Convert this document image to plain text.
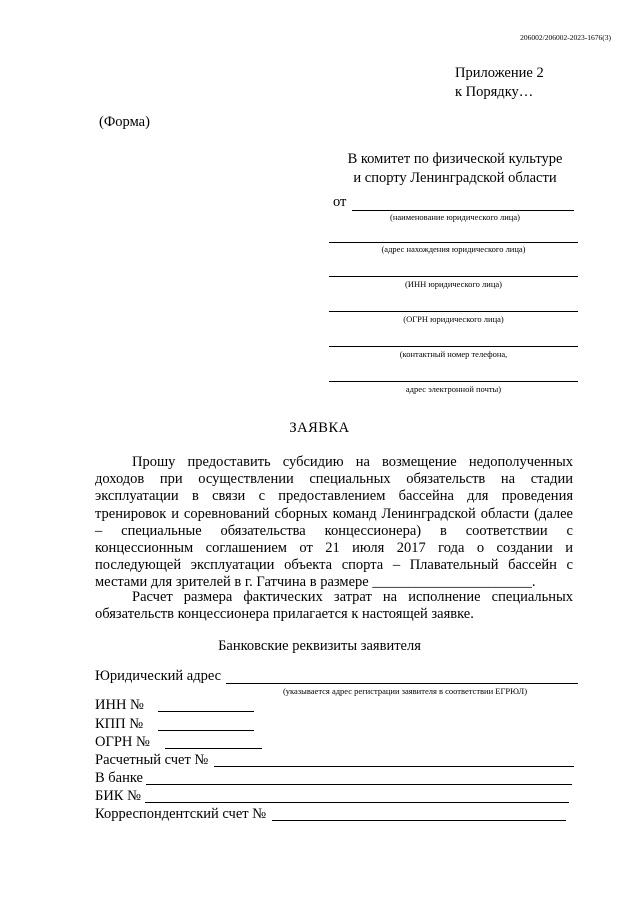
206002/206002-2023-1676(3)
Приложение 2
к Порядку…
(Форма)
В комитет по физической культуре
и спорту Ленинградской области
от
(наименование юридического лица)
(адрес нахождения юридического лица)
(ИНН юридического лица)
(ОГРН юридического лица)
(контактный номер телефона,
адрес электронной почты)
ЗАЯВКА
Прошу предоставить субсидию на возмещение недополученных доходов при осуществлении специальных обязательств на стадии эксплуатации в связи с предоставлением бассейна для проведения тренировок и соревнований сборных команд Ленинградской области (далее – специальные обязательства концессионера) в соответствии с концессионным соглашением от 21 июля 2017 года о создании и последующей эксплуатации объекта спорта – Плавательный бассейн с местами для зрителей в г. Гатчина в размере ______________________.
Расчет размера фактических затрат на исполнение специальных обязательств концессионера прилагается к настоящей заявке.
Банковские реквизиты заявителя
Юридический адрес
(указывается адрес регистрации заявителя в соответствии ЕГРЮЛ)
ИНН №
КПП №
ОГРН №
Расчетный счет №
В банке
БИК №
Корреспондентский счет №
